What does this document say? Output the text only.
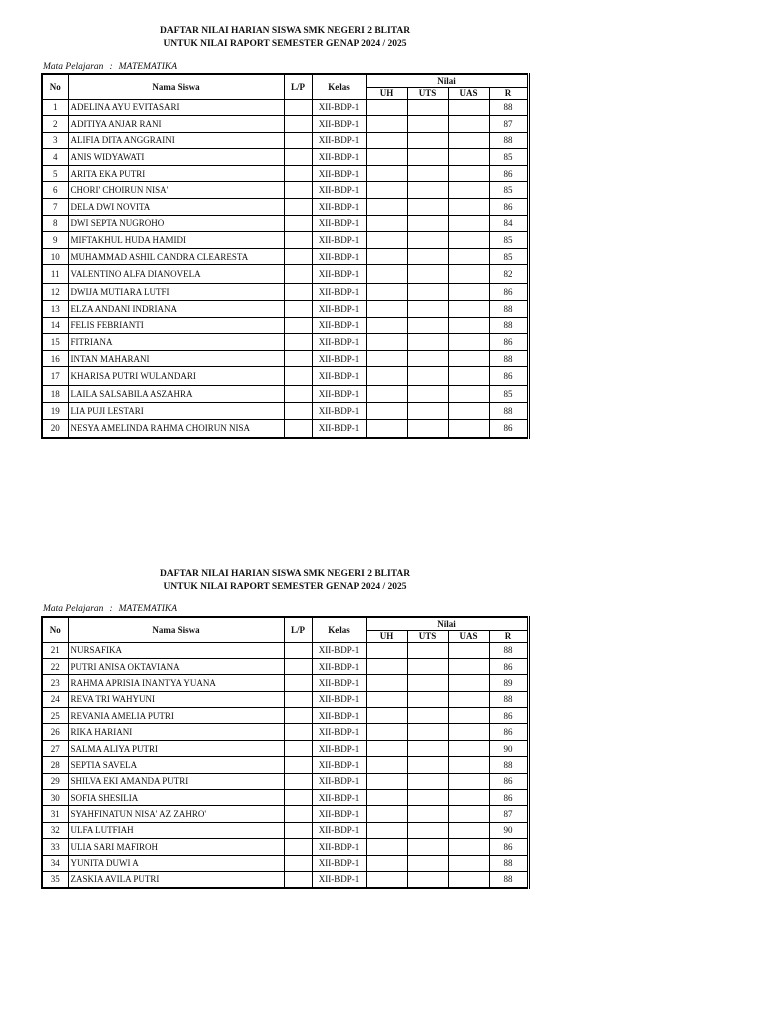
DAFTAR NILAI HARIAN SISWA SMK NEGERI 2 BLITAR
UNTUK NILAI RAPORT SEMESTER GENAP 2024 / 2025
Mata Pelajaran : MATEMATIKA
No	Nama Siswa	L/P	Kelas	Nilai			
				UH	UTS	UAS	R
1	ADELINA AYU EVITASARI		XII-BDP-1				88
2	ADITIYA ANJAR RANI		XII-BDP-1				87
3	ALIFIA DITA ANGGRAINI		XII-BDP-1				88
4	ANIS WIDYAWATI		XII-BDP-1				85
5	ARITA EKA PUTRI		XII-BDP-1				86
6	CHORI' CHOIRUN NISA'		XII-BDP-1				85
7	DELA DWI NOVITA		XII-BDP-1				86
8	DWI SEPTA NUGROHO		XII-BDP-1				84
9	MIFTAKHUL HUDA HAMIDI		XII-BDP-1				85
10	MUHAMMAD ASHIL CANDRA CLEARESTA		XII-BDP-1				85
11	VALENTINO ALFA DIANOVELA		XII-BDP-1				82
12	DWIJA MUTIARA LUTFI		XII-BDP-1				86
13	ELZA ANDANI INDRIANA		XII-BDP-1				88
14	FELIS FEBRIANTI		XII-BDP-1				88
15	FITRIANA		XII-BDP-1				86
16	INTAN MAHARANI		XII-BDP-1				88
17	KHARISA PUTRI WULANDARI		XII-BDP-1				86
18	LAILA SALSABILA ASZAHRA		XII-BDP-1				85
19	LIA PUJI LESTARI		XII-BDP-1				88
20	NESYA AMELINDA RAHMA CHOIRUN NISA		XII-BDP-1				86
DAFTAR NILAI HARIAN SISWA SMK NEGERI 2 BLITAR
UNTUK NILAI RAPORT SEMESTER GENAP 2024 / 2025
Mata Pelajaran : MATEMATIKA
No	Nama Siswa	L/P	Kelas	Nilai			
				UH	UTS	UAS	R
21	NURSAFIKA		XII-BDP-1				88
22	PUTRI ANISA OKTAVIANA		XII-BDP-1				86
23	RAHMA APRISIA INANTYA YUANA		XII-BDP-1				89
24	REVA TRI WAHYUNI		XII-BDP-1				88
25	REVANIA AMELIA PUTRI		XII-BDP-1				86
26	RIKA HARIANI		XII-BDP-1				86
27	SALMA ALIYA PUTRI		XII-BDP-1				90
28	SEPTIA SAVELA		XII-BDP-1				88
29	SHILVA EKI AMANDA PUTRI		XII-BDP-1				86
30	SOFIA SHESILIA		XII-BDP-1				86
31	SYAHFINATUN NISA' AZ ZAHRO'		XII-BDP-1				87
32	ULFA LUTFIAH		XII-BDP-1				90
33	ULIA SARI MAFIROH		XII-BDP-1				86
34	YUNITA DUWI A		XII-BDP-1				88
35	ZASKIA AVILA PUTRI		XII-BDP-1				88
